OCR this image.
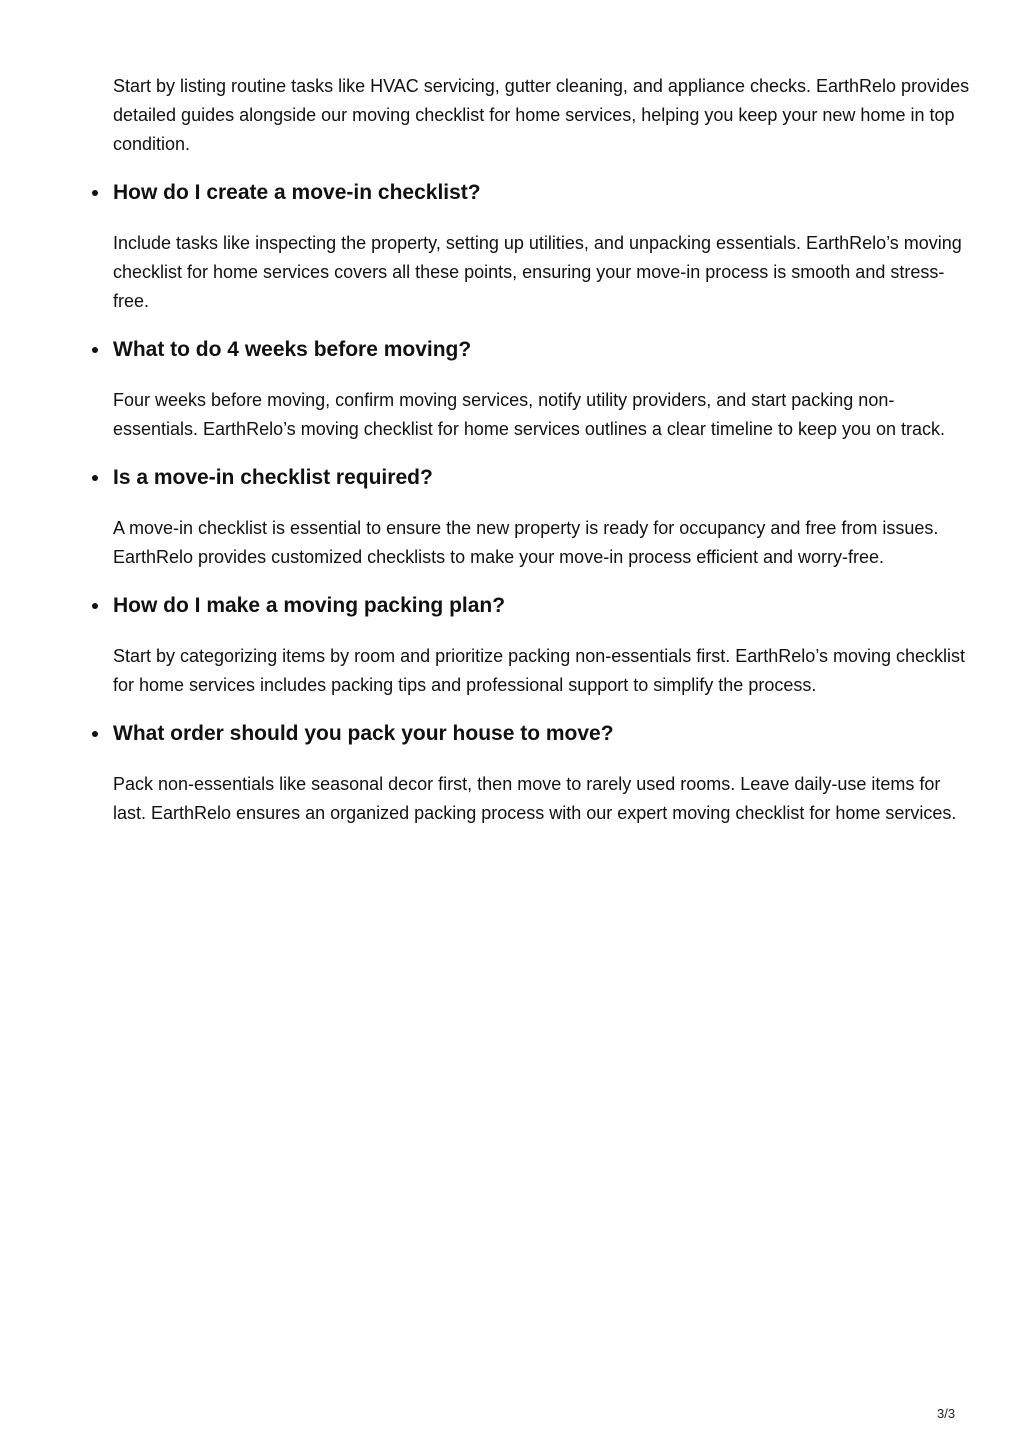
Start by listing routine tasks like HVAC servicing, gutter cleaning, and appliance checks. EarthRelo provides detailed guides alongside our moving checklist for home services, helping you keep your new home in top condition.

How do I create a move-in checklist?

Include tasks like inspecting the property, setting up utilities, and unpacking essentials. EarthRelo’s moving checklist for home services covers all these points, ensuring your move-in process is smooth and stress-free.

What to do 4 weeks before moving?

Four weeks before moving, confirm moving services, notify utility providers, and start packing non-essentials. EarthRelo’s moving checklist for home services outlines a clear timeline to keep you on track.

Is a move-in checklist required?

A move-in checklist is essential to ensure the new property is ready for occupancy and free from issues. EarthRelo provides customized checklists to make your move-in process efficient and worry-free.

How do I make a moving packing plan?

Start by categorizing items by room and prioritize packing non-essentials first. EarthRelo’s moving checklist for home services includes packing tips and professional support to simplify the process.

What order should you pack your house to move?

Pack non-essentials like seasonal decor first, then move to rarely used rooms. Leave daily-use items for last. EarthRelo ensures an organized packing process with our expert moving checklist for home services.

3/3
